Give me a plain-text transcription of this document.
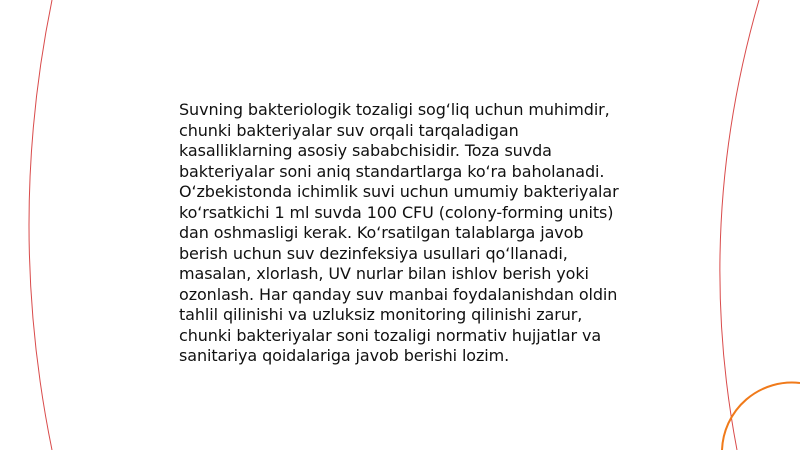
Suvning bakteriologik tozaligi sog‘liq uchun muhimdir, chunki bakteriyalar suv orqali tarqaladigan kasalliklarning asosiy sababchisidir. Toza suvda bakteriyalar soni aniq standartlarga ko‘ra baholanadi. O‘zbekistonda ichimlik suvi uchun umumiy bakteriyalar ko‘rsatkichi 1 ml suvda 100 CFU (colony-forming units) dan oshmasligi kerak. Ko‘rsatilgan talablarga javob berish uchun suv dezinfeksiya usullari qo‘llanadi, masalan, xlorlash, UV nurlar bilan ishlov berish yoki ozonlash. Har qanday suv manbai foydalanishdan oldin tahlil qilinishi va uzluksiz monitoring qilinishi zarur, chunki bakteriyalar soni tozaligi normativ hujjatlar va sanitariya qoidalariga javob berishi lozim.
